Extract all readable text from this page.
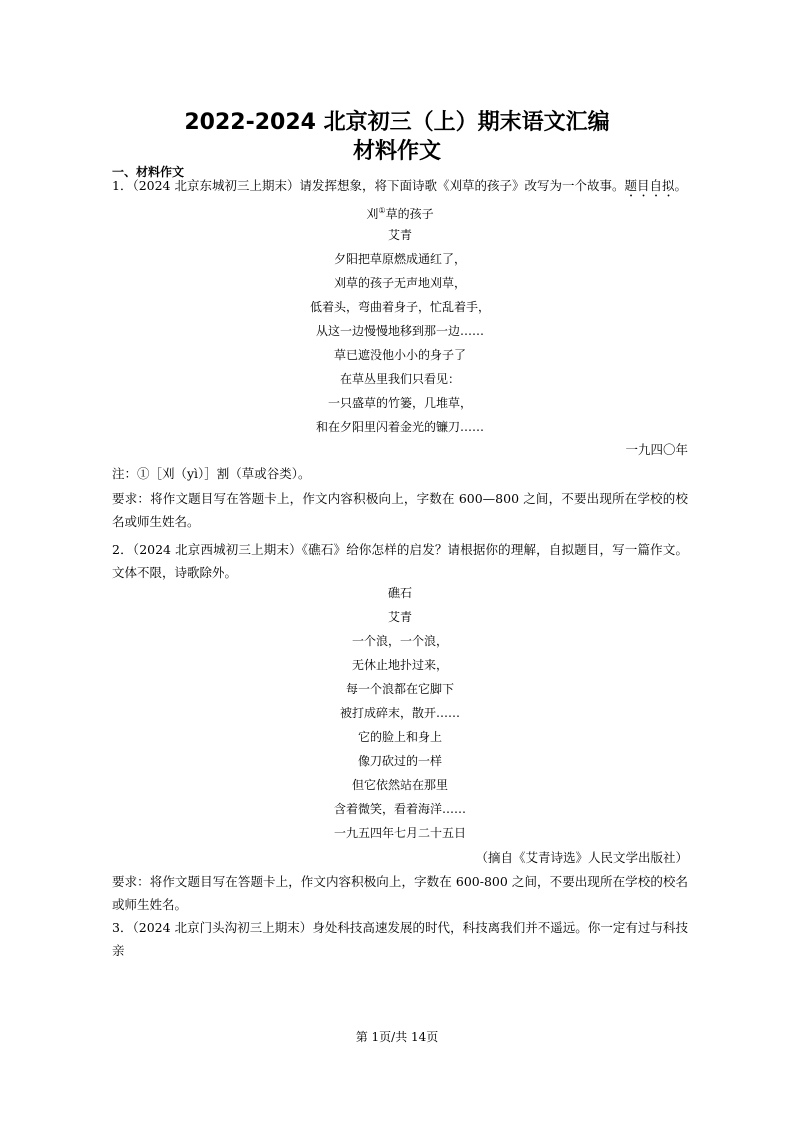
2022-2024 北京初三（上）期末语文汇编
材料作文

一、材料作文

1．（2024 北京东城初三上期末）请发挥想象，将下面诗歌《刈草的孩子》改写为一个故事。题目自拟。

刈①草的孩子
艾青
夕阳把草原燃成通红了，
刈草的孩子无声地刈草，
低着头，弯曲着身子，忙乱着手，
从这一边慢慢地移到那一边……
草已遮没他小小的身子了
在草丛里我们只看见：
一只盛草的竹篓，几堆草，
和在夕阳里闪着金光的镰刀……

一九四〇年

注：①［刈（yì）］割（草或谷类）。

要求：将作文题目写在答题卡上，作文内容积极向上，字数在 600—800 之间，不要出现所在学校的校名或师生姓名。

2．（2024 北京西城初三上期末）《礁石》给你怎样的启发？请根据你的理解，自拟题目，写一篇作文。文体不限，诗歌除外。

礁石
艾青
一个浪，一个浪，
无休止地扑过来，
每一个浪都在它脚下
被打成碎末，散开……
它的脸上和身上
像刀砍过的一样
但它依然站在那里
含着微笑，看着海洋……
一九五四年七月二十五日

（摘自《艾青诗选》人民文学出版社）

要求：将作文题目写在答题卡上，作文内容积极向上，字数在 600-800 之间，不要出现所在学校的校名或师生姓名。

3．（2024 北京门头沟初三上期末）身处科技高速发展的时代，科技离我们并不遥远。你一定有过与科技亲

第 1页/共 14页
